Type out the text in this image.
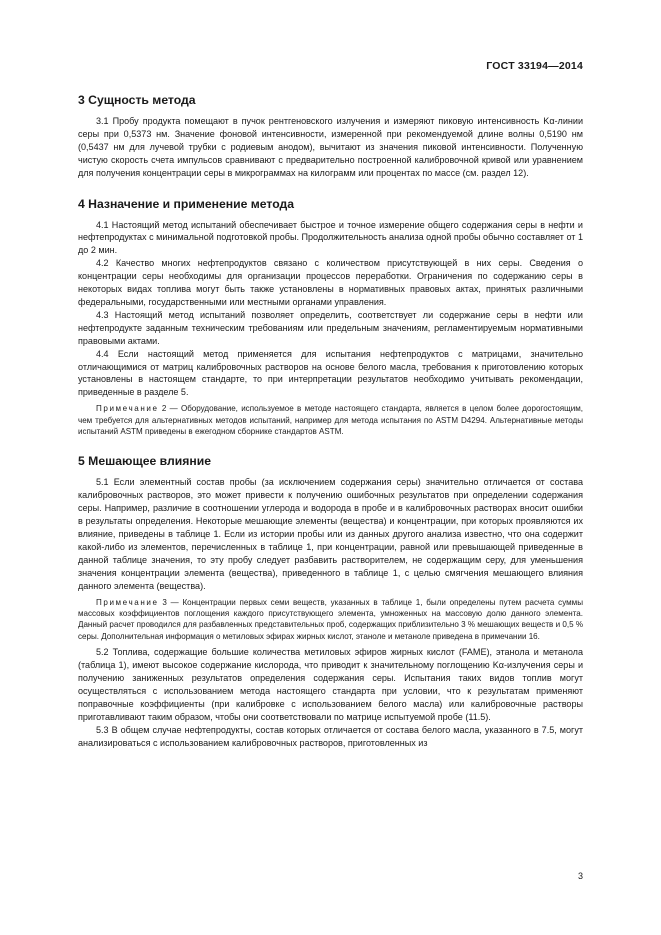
ГОСТ 33194—2014
3 Сущность метода

3.1 Пробу продукта помещают в пучок рентгеновского излучения и измеряют пиковую интенсивность Kα-линии серы при 0,5373 нм. Значение фоновой интенсивности, измеренной при рекомендуемой длине волны 0,5190 нм (0,5437 нм для лучевой трубки с родиевым анодом), вычитают из значения пиковой интенсивности. Полученную чистую скорость счета импульсов сравнивают с предварительно построенной калибровочной кривой или уравнением для получения концентрации серы в микрограммах на килограмм или процентах по массе (см. раздел 12).

4 Назначение и применение метода

4.1 Настоящий метод испытаний обеспечивает быстрое и точное измерение общего содержания серы в нефти и нефтепродуктах с минимальной подготовкой пробы. Продолжительность анализа одной пробы обычно составляет от 1 до 2 мин.

4.2 Качество многих нефтепродуктов связано с количеством присутствующей в них серы. Сведения о концентрации серы необходимы для организации процессов переработки. Ограничения по содержанию серы в некоторых видах топлива могут быть также установлены в нормативных правовых актах, принятых различными федеральными, государственными или местными органами управления.

4.3 Настоящий метод испытаний позволяет определить, соответствует ли содержание серы в нефти или нефтепродукте заданным техническим требованиям или предельным значениям, регламентируемым нормативными правовыми актами.

4.4 Если настоящий метод применяется для испытания нефтепродуктов с матрицами, значительно отличающимися от матриц калибровочных растворов на основе белого масла, требования к приготовлению которых установлены в настоящем стандарте, то при интерпретации результатов необходимо учитывать рекомендации, приведенные в разделе 5.

Примечание 2 — Оборудование, используемое в методе настоящего стандарта, является в целом более дорогостоящим, чем требуется для альтернативных методов испытаний, например для метода испытания по ASTM D4294. Альтернативные методы испытаний ASTM приведены в ежегодном сборнике стандартов ASTM.

5 Мешающее влияние

5.1 Если элементный состав пробы (за исключением содержания серы) значительно отличается от состава калибровочных растворов, это может привести к получению ошибочных результатов при определении содержания серы. Например, различие в соотношении углерода и водорода в пробе и в калибровочных растворах вносит ошибки в результаты определения. Некоторые мешающие элементы (вещества) и концентрации, при которых проявляются их влияние, приведены в таблице 1. Если из истории пробы или из данных другого анализа известно, что она содержит какой-либо из элементов, перечисленных в таблице 1, при концентрации, равной или превышающей приведенные в данной таблице значения, то эту пробу следует разбавить растворителем, не содержащим серу, для уменьшения значения концентрации элемента (вещества), приведенного в таблице 1, с целью смягчения мешающего влияния данного элемента (вещества).

Примечание 3 — Концентрации первых семи веществ, указанных в таблице 1, были определены путем расчета суммы массовых коэффициентов поглощения каждого присутствующего элемента, умноженных на массовую долю данного элемента. Данный расчет проводился для разбавленных представительных проб, содержащих приблизительно 3 % мешающих веществ и 0,5 % серы. Дополнительная информация о метиловых эфирах жирных кислот, этаноле и метаноле приведена в примечании 16.

5.2 Топлива, содержащие большие количества метиловых эфиров жирных кислот (FAME), этанола и метанола (таблица 1), имеют высокое содержание кислорода, что приводит к значительному поглощению Kα-излучения серы и получению заниженных результатов определения содержания серы. Испытания таких видов топлив могут осуществляться с использованием метода настоящего стандарта при условии, что к результатам применяют поправочные коэффициенты (при калибровке с использованием белого масла) или калибровочные растворы приготавливают таким образом, чтобы они соответствовали по матрице испытуемой пробе (11.5).

5.3 В общем случае нефтепродукты, состав которых отличается от состава белого масла, указанного в 7.5, могут анализироваться с использованием калибровочных растворов, приготовленных из

3
